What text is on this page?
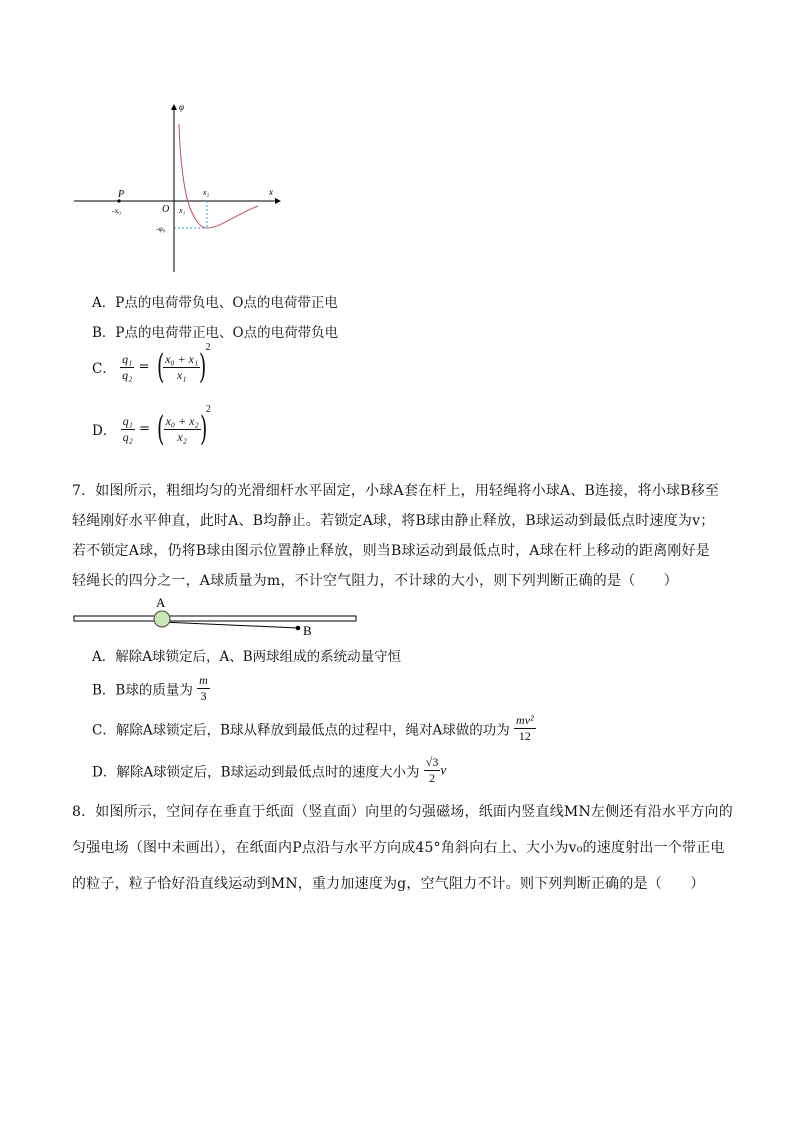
φ
x
P
-x₀	O x₁
x₂
-φ₀
A．P点的电荷带负电、O点的电荷带正电
B．P点的电荷带正电、O点的电荷带负电
C． $\frac{\text{q₁}}{\text{q₂}}$ = (
$\frac{\text{x₀ + x₁}}{\text{x₁}}$
)$^2$
D． $\frac{\text{q₁}}{\text{q₂}}$ = (
$\frac{\text{x₀ + x₂}}{\text{x₂}}$
)$^2$
7．如图所示，粗细均匀的光滑细杆水平固定，小球A套在杆上，用轻绳将小球A、B连接，将小球B移至
轻绳刚好水平伸直，此时A、B均静止。若锁定A球，将B球由静止释放，B球运动到最低点时速度为v；
若不锁定A球，仍将B球由图示位置静止释放，则当B球运动到最低点时，A球在杆上移动的距离刚好是
轻绳长的四分之一，A球质量为m，不计空气阻力，不计球的大小，则下列判断正确的是（　　）
A
B
A．解除A球锁定后，A、B两球组成的系统动量守恒
B．B球的质量为 $\frac{m}{3}$
C．解除A球锁定后，B球从释放到最低点的过程中，绳对A球做的功为 $\frac{\text{mv²}}{12}$
D．解除A球锁定后，B球运动到最低点时的速度大小为 $\frac{√3}{2}$ v
8．如图所示，空间存在垂直于纸面（竖直面）向里的匀强磁场，纸面内竖直线MN左侧还有沿水平方向的
匀强电场（图中未画出），在纸面内P点沿与水平方向成45°角斜向右上、大小为v₀的速度射出一个带正电
的粒子，粒子恰好沿直线运动到MN，重力加速度为g，空气阻力不计。则下列判断正确的是（　　）
